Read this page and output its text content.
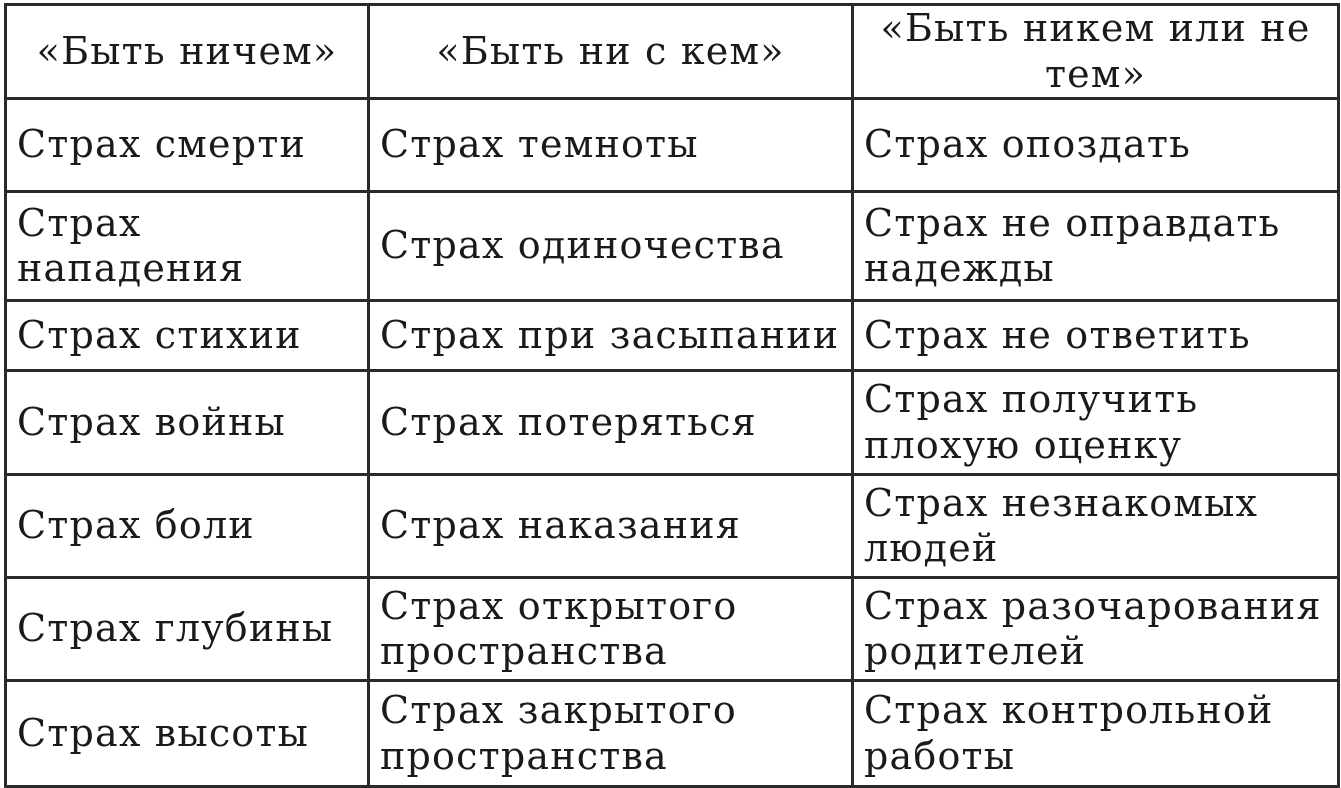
«Быть ничем»	«Быть ни с кем»	«Быть никем или не тем»
Страх смерти	Страх темноты	Страх опоздать
Страх нападения	Страх одиночества	Страх не оправдать надежды
Страх стихии	Страх при засыпании	Страх не ответить
Страх войны	Страх потеряться	Страх получить плохую оценку
Страх боли	Страх наказания	Страх незнакомых людей
Страх глубины	Страх открытого пространства	Страх разочарования родителей
Страх высоты	Страх закрытого пространства	Страх контрольной работы
